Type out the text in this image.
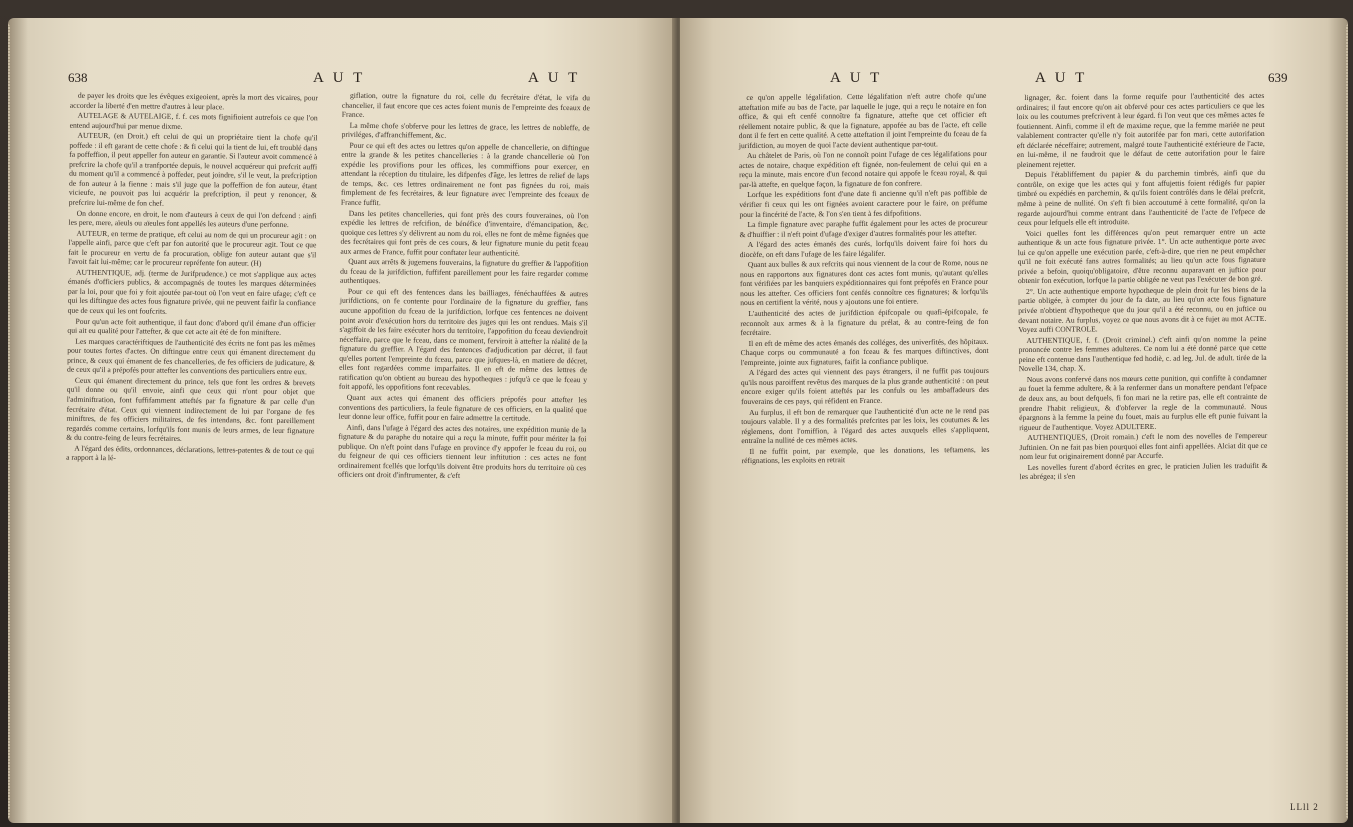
638	A U T	A U T

de payer les droits que les évêques exigeoient, après la mort des vicaires, pour accorder la liberté d'en mettre d'autres à leur place.

AUTELAGE & AUTELAIGE, f. f. ces mots fignifioient autrefois ce que l'on entend aujourd'hui par menue dixme.

AUTEUR, (en Droit.) eft celui de qui un propriétaire tient la chofe qu'il poffede : il eft garant de cette chofe : & fi celui qui la tient de lui, eft troublé dans fa poffeffion, il peut appeller fon auteur en garantie. Si l'auteur avoit commencé à prefcrire la chofe qu'il a tranfportée depuis, le nouvel acquéreur qui prefcrit auffi du moment qu'il a commencé à poffeder, peut joindre, s'il le veut, la prefcription de fon auteur à la fienne : mais s'il juge que la poffeffion de fon auteur, étant vicieufe, ne pouvoit pas lui acquérir la prefcription, il peut y renoncer, & prefcrire lui-même de fon chef.

On donne encore, en droit, le nom d'auteurs à ceux de qui l'on defcend : ainfi les pere, mere, aïeuls ou aïeules font appellés les auteurs d'une perfonne.

AUTEUR, en terme de pratique, eft celui au nom de qui un procureur agit : on l'appelle ainfi, parce que c'eft par fon autorité que le procureur agit. Tout ce que fait le procureur en vertu de fa procuration, oblige fon auteur autant que s'il l'avoit fait lui-même; car le procureur repréfente fon auteur. (H)

AUTHENTIQUE, adj. (terme de Jurifprudence.) ce mot s'applique aux actes émanés d'officiers publics, & accompagnés de toutes les marques déterminées par la loi, pour que foi y foit ajoutée par-tout où l'on veut en faire ufage; c'eft ce qui les diftingue des actes fous fignature privée, qui ne peuvent faifir la confiance que de ceux qui les ont foufcrits.

Pour qu'un acte foit authentique, il faut donc d'abord qu'il émane d'un officier qui ait eu qualité pour l'attefter, & que cet acte ait été de fon miniftere.

Les marques caractériftiques de l'authenticité des écrits ne font pas les mêmes pour toutes fortes d'actes. On diftingue entre ceux qui émanent directement du prince, & ceux qui émanent de fes chancelleries, de fes officiers de judicature, & de ceux qu'il a prépofés pour attefter les conventions des particuliers entre eux.

Ceux qui émanent directement du prince, tels que font les ordres & brevets qu'il donne ou qu'il envoie, ainfi que ceux qui n'ont pour objet que l'adminiftration, font fuffifamment atteftés par fa fignature & par celle d'un fecrétaire d'état. Ceux qui viennent indirectement de lui par l'organe de fes miniftres, de fes officiers militaires, de fes intendans, &c. font pareillement regardés comme certains, lorfqu'ils font munis de leurs armes, de leur fignature & du contre-feing de leurs fecrétaires.

A l'égard des édits, ordonnances, déclarations, lettres-patentes & de tout ce qui a rapport à la lé-

giflation, outre la fignature du roi, celle du fecrétaire d'état, le vifa du chancelier, il faut encore que ces actes foient munis de l'empreinte des fceaux de France.

La même chofe s'obferve pour les lettres de grace, les lettres de nobleffe, de priviléges, d'affranchiffement, &c.

Pour ce qui eft des actes ou lettres qu'on appelle de chancellerie, on diftingue entre la grande & les petites chancelleries : à la grande chancellerie où l'on expédie les provifions pour les offices, les commiffions pour exercer, en attendant la réception du titulaire, les difpenfes d'âge, les lettres de relief de laps de temps, &c. ces lettres ordinairement ne font pas fignées du roi, mais fimplement de fes fecrétaires, & leur fignature avec l'empreinte des fceaux de France fuffit.

Dans les petites chancelleries, qui font près des cours fouveraines, où l'on expédie les lettres de refcifion, de bénéfice d'inventaire, d'émancipation, &c. quoique ces lettres s'y délivrent au nom du roi, elles ne font de même fignées que des fecrétaires qui font près de ces cours, & leur fignature munie du petit fceau aux armes de France, fuffit pour conftater leur authenticité.

Quant aux arrêts & jugemens fouverains, la fignature du greffier & l'appofition du fceau de la jurifdiction, fuffifent pareillement pour les faire regarder comme authentiques.

Pour ce qui eft des fentences dans les bailliages, fénéchauffées & autres jurifdictions, on fe contente pour l'ordinaire de la fignature du greffier, fans aucune appofition du fceau de la jurifdiction, lorfque ces fentences ne doivent point avoir d'exécution hors du territoire des juges qui les ont rendues. Mais s'il s'agiffoit de les faire exécuter hors du territoire, l'appofition du fceau deviendroit néceffaire, parce que le fceau, dans ce moment, ferviroit à attefter la réalité de la fignature du greffier. A l'égard des fentences d'adjudication par décret, il faut qu'elles portent l'empreinte du fceau, parce que jufques-là, en matiere de décret, elles font regardées comme imparfaites. Il en eft de même des lettres de ratification qu'on obtient au bureau des hypotheques : jufqu'à ce que le fceau y foit appofé, les oppofitions font recevables.

Quant aux actes qui émanent des officiers prépofés pour attefter les conventions des particuliers, la feule fignature de ces officiers, en la qualité que leur donne leur office, fuffit pour en faire admettre la certitude.

Ainfi, dans l'ufage à l'égard des actes des notaires, une expédition munie de la fignature & du paraphe du notaire qui a reçu la minute, fuffit pour mériter la foi publique. On n'eft point dans l'ufage en province d'y appofer le fceau du roi, ou du feigneur de qui ces officiers tiennent leur inftitution : ces actes ne font ordinairement fcellés que lorfqu'ils doivent être produits hors du territoire où ces officiers ont droit d'inftrumenter, & c'eft

A U T	A U T	639

ce qu'on appelle légalifation. Cette légalifation n'eft autre chofe qu'une atteftation mife au bas de l'acte, par laquelle le juge, qui a reçu le notaire en fon office, & qui eft cenfé connoître fa fignature, attefte que cet officier eft réellement notaire public, & que la fignature, appofée au bas de l'acte, eft celle dont il fe fert en cette qualité. A cette atteftation il joint l'empreinte du fceau de fa jurifdiction, au moyen de quoi l'acte devient authentique par-tout.

Au châtelet de Paris, où l'on ne connoît point l'ufage de ces légalifations pour actes de notaire, chaque expédition eft fignée, non-feulement de celui qui en a reçu la minute, mais encore d'un fecond notaire qui appofe le fceau royal, & qui par-là attefte, en quelque façon, la fignature de fon confrere.

Lorfque les expéditions font d'une date fi ancienne qu'il n'eft pas poffible de vérifier fi ceux qui les ont fignées avoient caractere pour le faire, on préfume pour la fincérité de l'acte, & l'on s'en tient à fes difpofitions.

La fimple fignature avec paraphe fuffit également pour les actes de procureur & d'huiffier : il n'eft point d'ufage d'exiger d'autres formalités pour les attefter.

A l'égard des actes émanés des curés, lorfqu'ils doivent faire foi hors du diocèfe, on eft dans l'ufage de les faire légalifer.

Quant aux bulles & aux refcrits qui nous viennent de la cour de Rome, nous ne nous en rapportons aux fignatures dont ces actes font munis, qu'autant qu'elles font vérifiées par les banquiers expéditionnaires qui font prépofés en France pour nous les attefter. Ces officiers font cenfés connoître ces fignatures; & lorfqu'ils nous en certifient la vérité, nous y ajoutons une foi entiere.

L'authenticité des actes de jurifdiction épifcopale ou quafi-épifcopale, fe reconnoît aux armes & à la fignature du prélat, & au contre-feing de fon fecrétaire.

Il en eft de même des actes émanés des colléges, des univerfités, des hôpitaux. Chaque corps ou communauté a fon fceau & fes marques diftinctives, dont l'empreinte, jointe aux fignatures, faifit la confiance publique.

A l'égard des actes qui viennent des pays étrangers, il ne fuffit pas toujours qu'ils nous paroiffent revêtus des marques de la plus grande authenticité : on peut encore exiger qu'ils foient atteftés par les confuls ou les ambaffadeurs des fouverains de ces pays, qui réfident en France.

Au furplus, il eft bon de remarquer que l'authenticité d'un acte ne le rend pas toujours valable. Il y a des formalités prefcrites par les loix, les coutumes & les réglemens, dont l'omiffion, à l'égard des actes auxquels elles s'appliquent, entraîne la nullité de ces mêmes actes.

Il ne fuffit point, par exemple, que les donations, les teftamens, les réfignations, les exploits en retrait

lignager, &c. foient dans la forme requife pour l'authenticité des actes ordinaires; il faut encore qu'on ait obfervé pour ces actes particuliers ce que les loix ou les coutumes prefcrivent à leur égard. fi l'on veut que ces mêmes actes fe foutiennent. Ainfi, comme il eft de maxime reçue, que la femme mariée ne peut valablement contracter qu'elle n'y foit autorifée par fon mari, cette autorifation eft déclarée néceffaire; autrement, malgré toute l'authenticité extérieure de l'acte, en lui-même, il ne faudroit que le défaut de cette autorifation pour le faire pleinement rejetter.

Depuis l'établiffement du papier & du parchemin timbrés, ainfi que du contrôle, on exige que les actes qui y font affujettis foient rédigés fur papier timbré ou expédiés en parchemin, & qu'ils foient contrôlés dans le délai prefcrit, même à peine de nullité. On s'eft fi bien accoutumé à cette formalité, qu'on la regarde aujourd'hui comme entrant dans l'authenticité de l'acte de l'efpece de ceux pour lefquels elle eft introduite.

Voici quelles font les différences qu'on peut remarquer entre un acte authentique & un acte fous fignature privée. 1°. Un acte authentique porte avec lui ce qu'on appelle une exécution parée, c'eft-à-dire, que rien ne peut empêcher qu'il ne foit exécuté fans autres formalités; au lieu qu'un acte fous fignature privée a befoin, quoiqu'obligatoire, d'être reconnu auparavant en juftice pour obtenir fon exécution, lorfque la partie obligée ne veut pas l'exécuter de bon gré.

2°. Un acte authentique emporte hypotheque de plein droit fur les biens de la partie obligée, à compter du jour de fa date, au lieu qu'un acte fous fignature privée n'obtient d'hypotheque que du jour qu'il a été reconnu, ou en juftice ou devant notaire. Au furplus, voyez ce que nous avons dit à ce fujet au mot ACTE. Voyez auffi CONTROLE.

AUTHENTIQUE, f. f. (Droit criminel.) c'eft ainfi qu'on nomme la peine prononcée contre les femmes adulteres. Ce nom lui a été donné parce que cette peine eft contenue dans l'authentique fed hodiè, c. ad leg. Jul. de adult. tirée de la Novelle 134, chap. X.

Nous avons confervé dans nos mœurs cette punition, qui confifte à condamner au fouet la femme adultere, & à la renfermer dans un monaftere pendant l'efpace de deux ans, au bout defquels, fi fon mari ne la retire pas, elle eft contrainte de prendre l'habit religieux, & d'obferver la regle de la communauté. Nous épargnons à la femme la peine du fouet, mais au furplus elle eft punie fuivant la rigueur de l'authentique. Voyez ADULTERE.

AUTHENTIQUES, (Droit romain.) c'eft le nom des novelles de l'empereur Juftinien. On ne fait pas bien pourquoi elles font ainfi appellées. Alciat dit que ce nom leur fut originairement donné par Accurfe.

Les novelles furent d'abord écrites en grec, le praticien Julien les traduifit & les abrégea; il s'en

LLll 2
